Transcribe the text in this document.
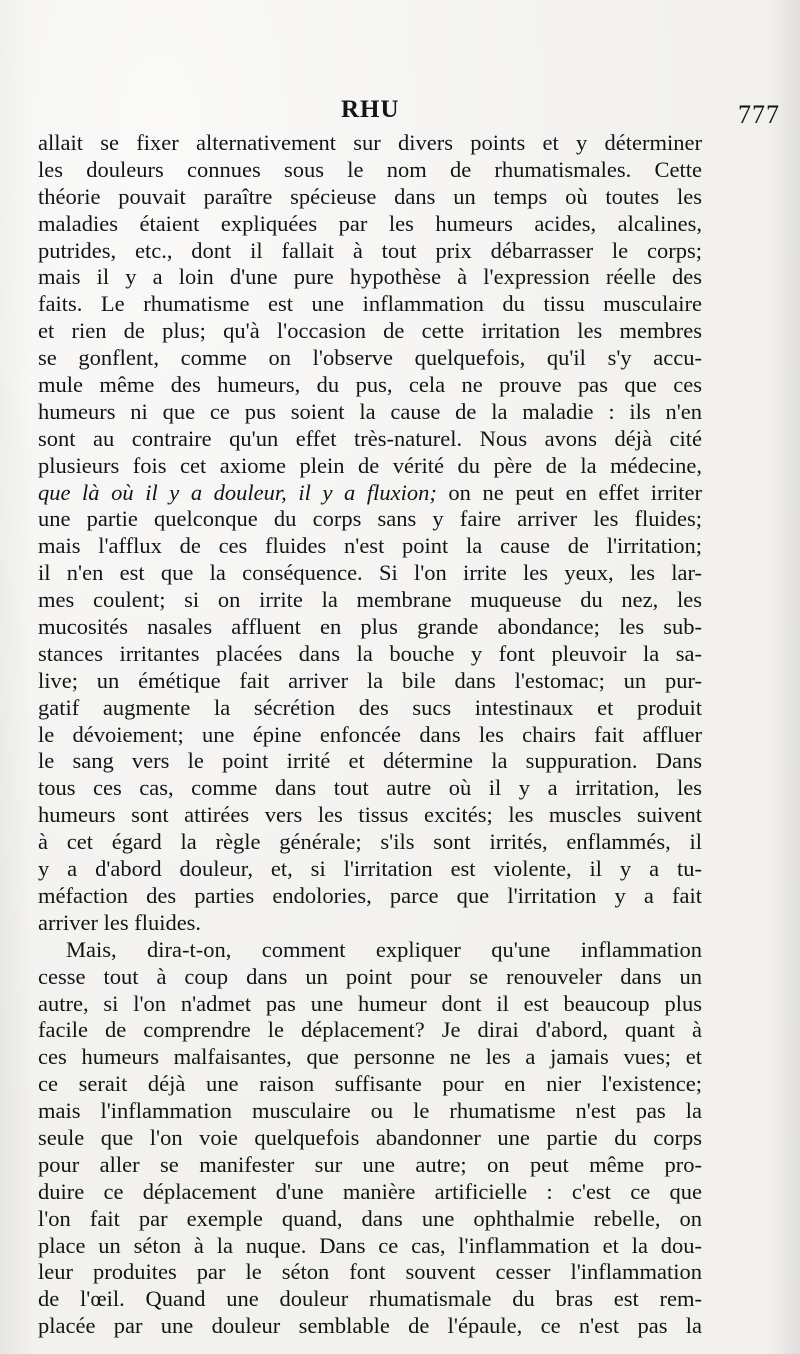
RHU	777
allait se fixer alternativement sur divers points et y déterminer
les douleurs connues sous le nom de rhumatismales. Cette
théorie pouvait paraître spécieuse dans un temps où toutes les
maladies étaient expliquées par les humeurs acides, alcalines,
putrides, etc., dont il fallait à tout prix débarrasser le corps;
mais il y a loin d'une pure hypothèse à l'expression réelle des
faits. Le rhumatisme est une inflammation du tissu musculaire
et rien de plus; qu'à l'occasion de cette irritation les membres
se gonflent, comme on l'observe quelquefois, qu'il s'y accu-
mule même des humeurs, du pus, cela ne prouve pas que ces
humeurs ni que ce pus soient la cause de la maladie : ils n'en
sont au contraire qu'un effet très-naturel. Nous avons déjà cité
plusieurs fois cet axiome plein de vérité du père de la médecine,
que là où il y a douleur, il y a fluxion; on ne peut en effet irriter
une partie quelconque du corps sans y faire arriver les fluides;
mais l'afflux de ces fluides n'est point la cause de l'irritation;
il n'en est que la conséquence. Si l'on irrite les yeux, les lar-
mes coulent; si on irrite la membrane muqueuse du nez, les
mucosités nasales affluent en plus grande abondance; les sub-
stances irritantes placées dans la bouche y font pleuvoir la sa-
live; un émétique fait arriver la bile dans l'estomac; un pur-
gatif augmente la sécrétion des sucs intestinaux et produit
le dévoiement; une épine enfoncée dans les chairs fait affluer
le sang vers le point irrité et détermine la suppuration. Dans
tous ces cas, comme dans tout autre où il y a irritation, les
humeurs sont attirées vers les tissus excités; les muscles suivent
à cet égard la règle générale; s'ils sont irrités, enflammés, il
y a d'abord douleur, et, si l'irritation est violente, il y a tu-
méfaction des parties endolories, parce que l'irritation y a fait
arriver les fluides.
Mais, dira-t-on, comment expliquer qu'une inflammation
cesse tout à coup dans un point pour se renouveler dans un
autre, si l'on n'admet pas une humeur dont il est beaucoup plus
facile de comprendre le déplacement? Je dirai d'abord, quant à
ces humeurs malfaisantes, que personne ne les a jamais vues; et
ce serait déjà une raison suffisante pour en nier l'existence;
mais l'inflammation musculaire ou le rhumatisme n'est pas la
seule que l'on voie quelquefois abandonner une partie du corps
pour aller se manifester sur une autre; on peut même pro-
duire ce déplacement d'une manière artificielle : c'est ce que
l'on fait par exemple quand, dans une ophthalmie rebelle, on
place un séton à la nuque. Dans ce cas, l'inflammation et la dou-
leur produites par le séton font souvent cesser l'inflammation
de l'œil. Quand une douleur rhumatismale du bras est rem-
placée par une douleur semblable de l'épaule, ce n'est pas la
